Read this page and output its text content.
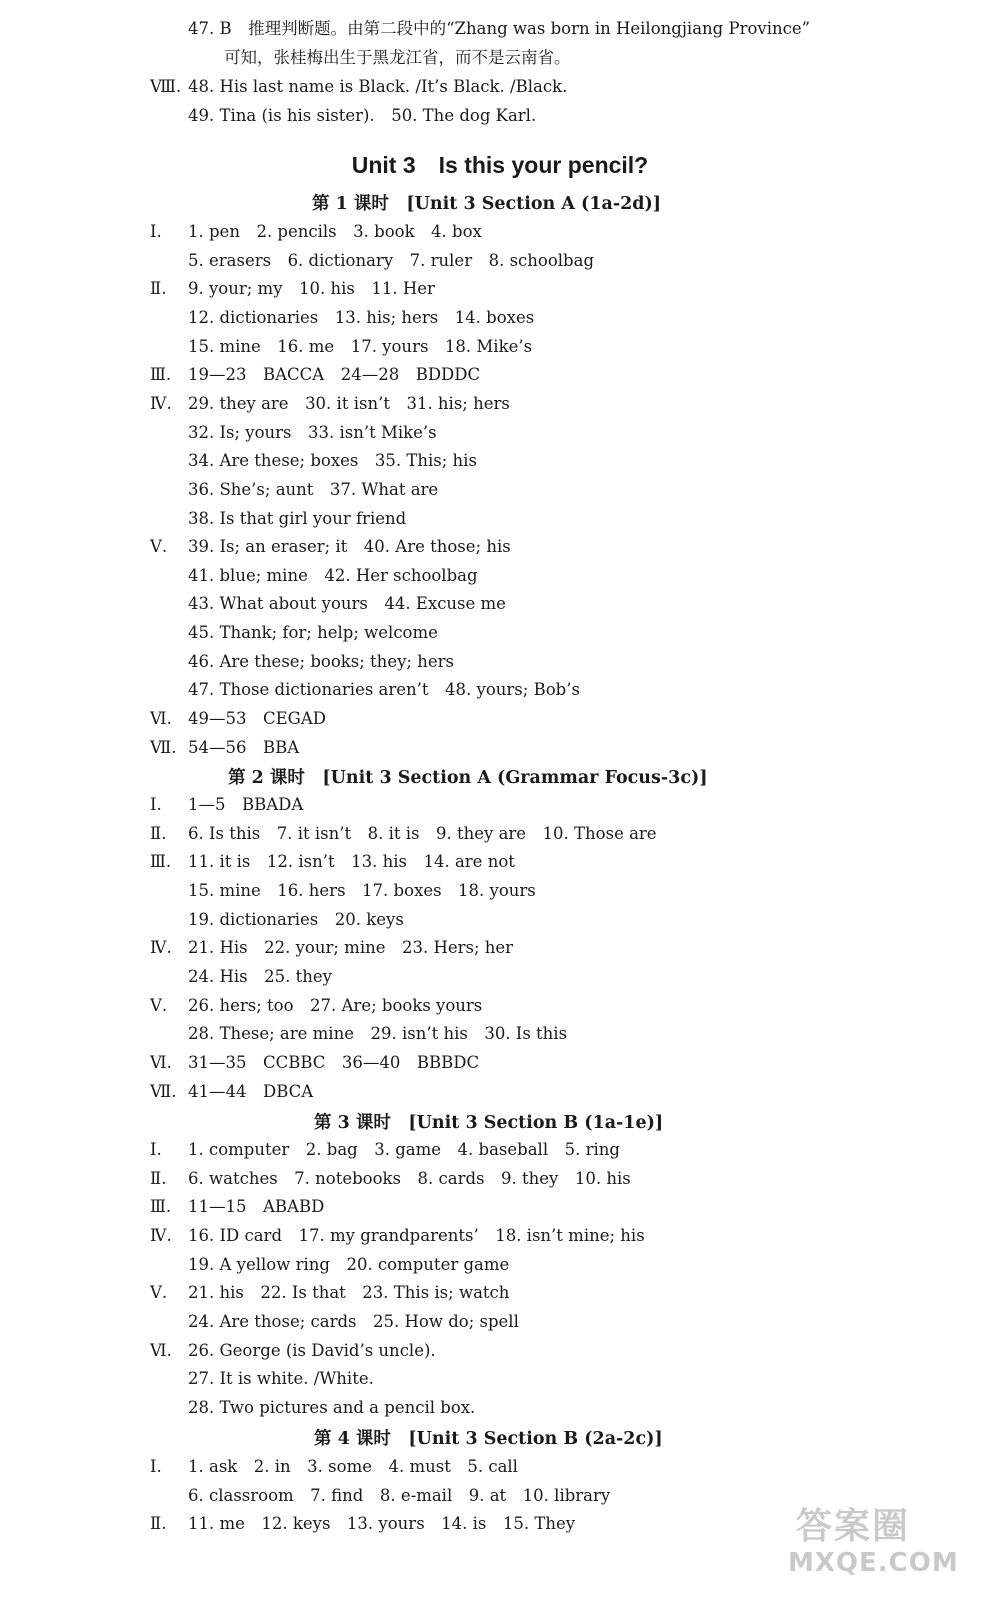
47. B　推理判断题。由第二段中的“Zhang was born in Heilongjiang Province”
可知，张桂梅出生于黑龙江省，而不是云南省。
Ⅷ. 48. His last name is Black. /It’s Black. /Black.
49. Tina (is his sister).　50. The dog Karl.
Unit 3　Is this your pencil?
第 1 课时　[Unit 3 Section A (1a-2d)]
第 2 课时　[Unit 3 Section A (Grammar Focus-3c)]
第 3 课时　[Unit 3 Section B (1a-1e)]
第 4 课时　[Unit 3 Section B (2a-2c)]
Ⅰ. 1. pen　2. pencils　3. book　4. box
5. erasers　6. dictionary　7. ruler　8. schoolbag
Ⅱ. 9. your; my　10. his　11. Her
12. dictionaries　13. his; hers　14. boxes
15. mine　16. me　17. yours　18. Mike’s
Ⅲ. 19—23　BACCA　24—28　BDDDC
Ⅳ. 29. they are　30. it isn’t　31. his; hers
32. Is; yours　33. isn’t Mike’s
34. Are these; boxes　35. This; his
36. She’s; aunt　37. What are
38. Is that girl your friend
Ⅴ. 39. Is; an eraser; it　40. Are those; his
41. blue; mine　42. Her schoolbag
43. What about yours　44. Excuse me
45. Thank; for; help; welcome
46. Are these; books; they; hers
47. Those dictionaries aren’t　48. yours; Bob’s
Ⅵ. 49—53　CEGAD
Ⅶ. 54—56　BBA
Ⅰ. 1—5　BBADA
Ⅱ. 6. Is this　7. it isn’t　8. it is　9. they are　10. Those are
Ⅲ. 11. it is　12. isn’t　13. his　14. are not
15. mine　16. hers　17. boxes　18. yours
19. dictionaries　20. keys
Ⅳ. 21. His　22. your; mine　23. Hers; her
24. His　25. they
Ⅴ. 26. hers; too　27. Are; books yours
28. These; are mine　29. isn’t his　30. Is this
Ⅵ. 31—35　CCBBC　36—40　BBBDC
Ⅶ. 41—44　DBCA
Ⅰ. 1. computer　2. bag　3. game　4. baseball　5. ring
Ⅱ. 6. watches　7. notebooks　8. cards　9. they　10. his
Ⅲ. 11—15　ABABD
Ⅳ. 16. ID card　17. my grandparents’　18. isn’t mine; his
19. A yellow ring　20. computer game
Ⅴ. 21. his　22. Is that　23. This is; watch
24. Are those; cards　25. How do; spell
Ⅵ. 26. George (is David’s uncle).
27. It is white. /White.
28. Two pictures and a pencil box.
Ⅰ. 1. ask　2. in　3. some　4. must　5. call
6. classroom　7. find　8. e-mail　9. at　10. library
Ⅱ. 11. me　12. keys　13. yours　14. is　15. They	答案圈
MXQE.COM
